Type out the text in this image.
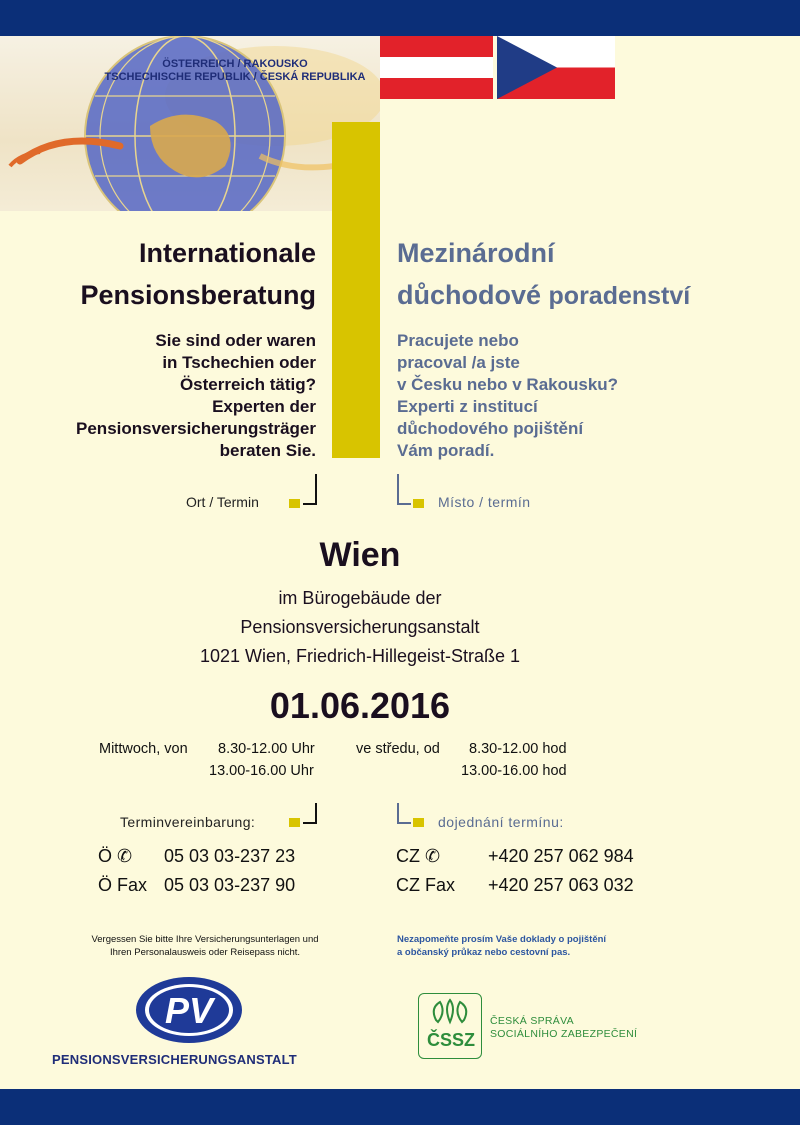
ÖSTERREICH / RAKOUSKO
TSCHECHISCHE REPUBLIK / ČESKÁ REPUBLIKA
Internationale
Pensionsberatung
Mezinárodní
důchodové poradenství
Sie sind oder waren
in Tschechien oder
Österreich tätig?
Experten der
Pensionsversicherungsträger
beraten Sie.
Pracujete nebo
pracoval /a jste
v Česku nebo v Rakousku?
Experti z institucí
důchodového pojištění
Vám poradí.
Ort / Termin	Místo / termín
Wien
im Bürogebäude der
Pensionsversicherungsanstalt
1021 Wien, Friedrich-Hillegeist-Straße 1
01.06.2016
Mittwoch, von 8.30-12.00 Uhr
13.00-16.00 Uhr
ve středu, od 8.30-12.00 hod
13.00-16.00 hod
Terminvereinbarung:	dojednání termínu:
Ö ✆ 05 03 03-237 23
Ö Fax 05 03 03-237 90
CZ ✆	+420 257 062 984
CZ Fax +420 257 063 032
Vergessen Sie bitte Ihre Versicherungsunterlagen und
Ihren Personalausweis oder Reisepass nicht.
Nezapomeňte prosím Vaše doklady o pojištění
a občanský průkaz nebo cestovní pas.
PV
PENSIONSVERSICHERUNGSANSTALT
ČSSZ
ČESKÁ SPRÁVA
SOCIÁLNÍHO ZABEZPEČENÍ
